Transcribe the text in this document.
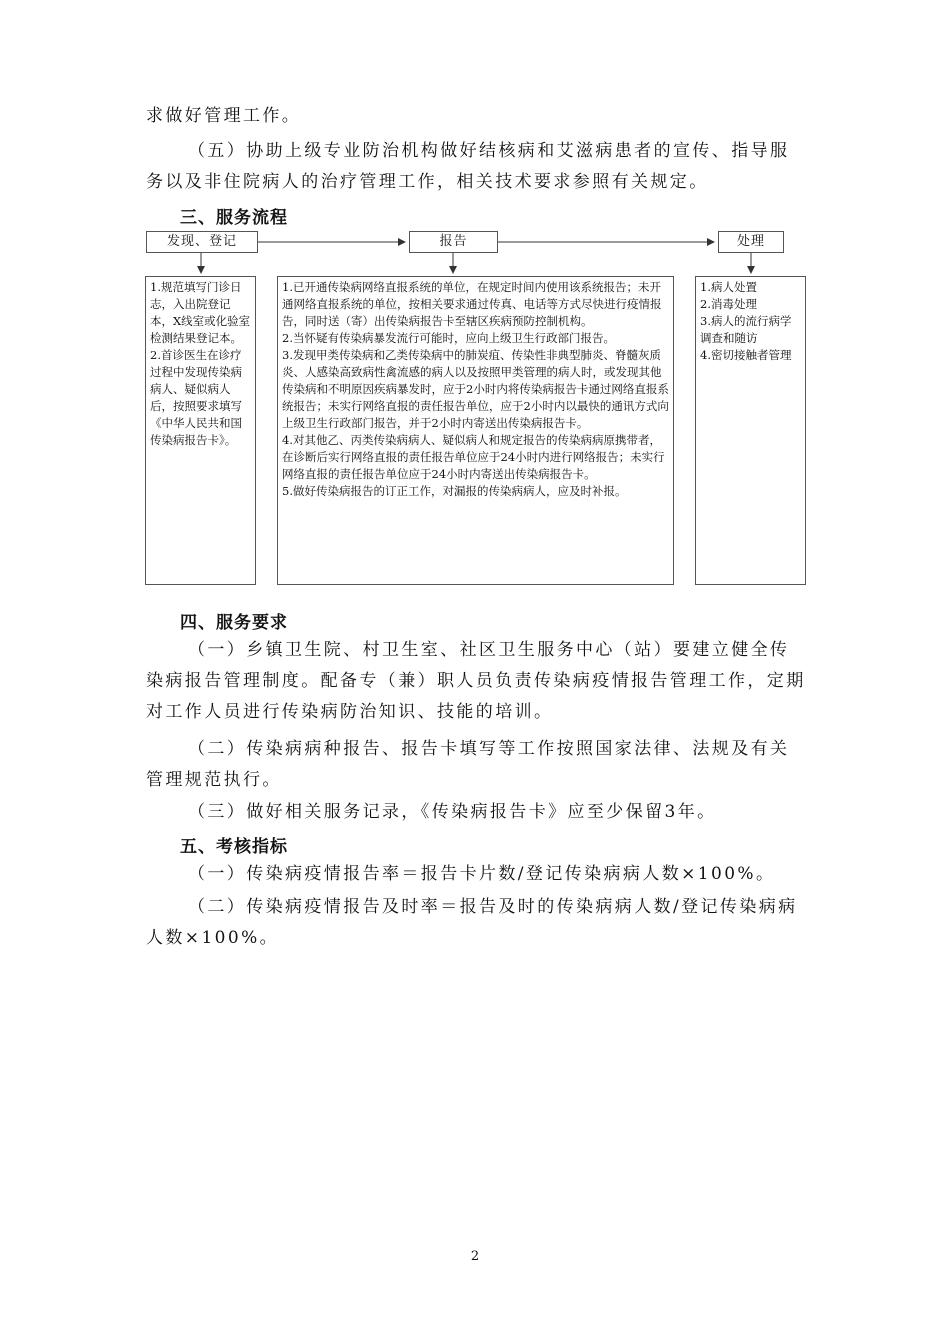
求做好管理工作。

（五）协助上级专业防治机构做好结核病和艾滋病患者的宣传、指导服务以及非住院病人的治疗管理工作，相关技术要求参照有关规定。

三、服务流程
发现、登记	报告	处理
1.规范填写门诊日志，入出院登记本，X线室或化验室检测结果登记本。
2.首诊医生在诊疗过程中发现传染病病人、疑似病人后，按照要求填写《中华人民共和国传染病报告卡》。
1.已开通传染病网络直报系统的单位，在规定时间内使用该系统报告；未开通网络直报系统的单位，按相关要求通过传真、电话等方式尽快进行疫情报告，同时送（寄）出传染病报告卡至辖区疾病预防控制机构。
2.当怀疑有传染病暴发流行可能时，应向上级卫生行政部门报告。
3.发现甲类传染病和乙类传染病中的肺炭疽、传染性非典型肺炎、脊髓灰质炎、人感染高致病性禽流感的病人以及按照甲类管理的病人时，或发现其他传染病和不明原因疾病暴发时，应于2小时内将传染病报告卡通过网络直报系统报告；未实行网络直报的责任报告单位，应于2小时内以最快的通讯方式向上级卫生行政部门报告，并于2小时内寄送出传染病报告卡。
4.对其他乙、丙类传染病病人、疑似病人和规定报告的传染病病原携带者，在诊断后实行网络直报的责任报告单位应于24小时内进行网络报告；未实行网络直报的责任报告单位应于24小时内寄送出传染病报告卡。
5.做好传染病报告的订正工作，对漏报的传染病病人，应及时补报。
1.病人处置
2.消毒处理
3.病人的流行病学调查和随访
4.密切接触者管理
四、服务要求

（一）乡镇卫生院、村卫生室、社区卫生服务中心（站）要建立健全传染病报告管理制度。配备专（兼）职人员负责传染病疫情报告管理工作，定期对工作人员进行传染病防治知识、技能的培训。

（二）传染病病种报告、报告卡填写等工作按照国家法律、法规及有关管理规范执行。

（三）做好相关服务记录，《传染病报告卡》应至少保留3年。

五、考核指标

（一）传染病疫情报告率＝报告卡片数/登记传染病病人数×100%。

（二）传染病疫情报告及时率＝报告及时的传染病病人数/登记传染病病人数×100%。

2
